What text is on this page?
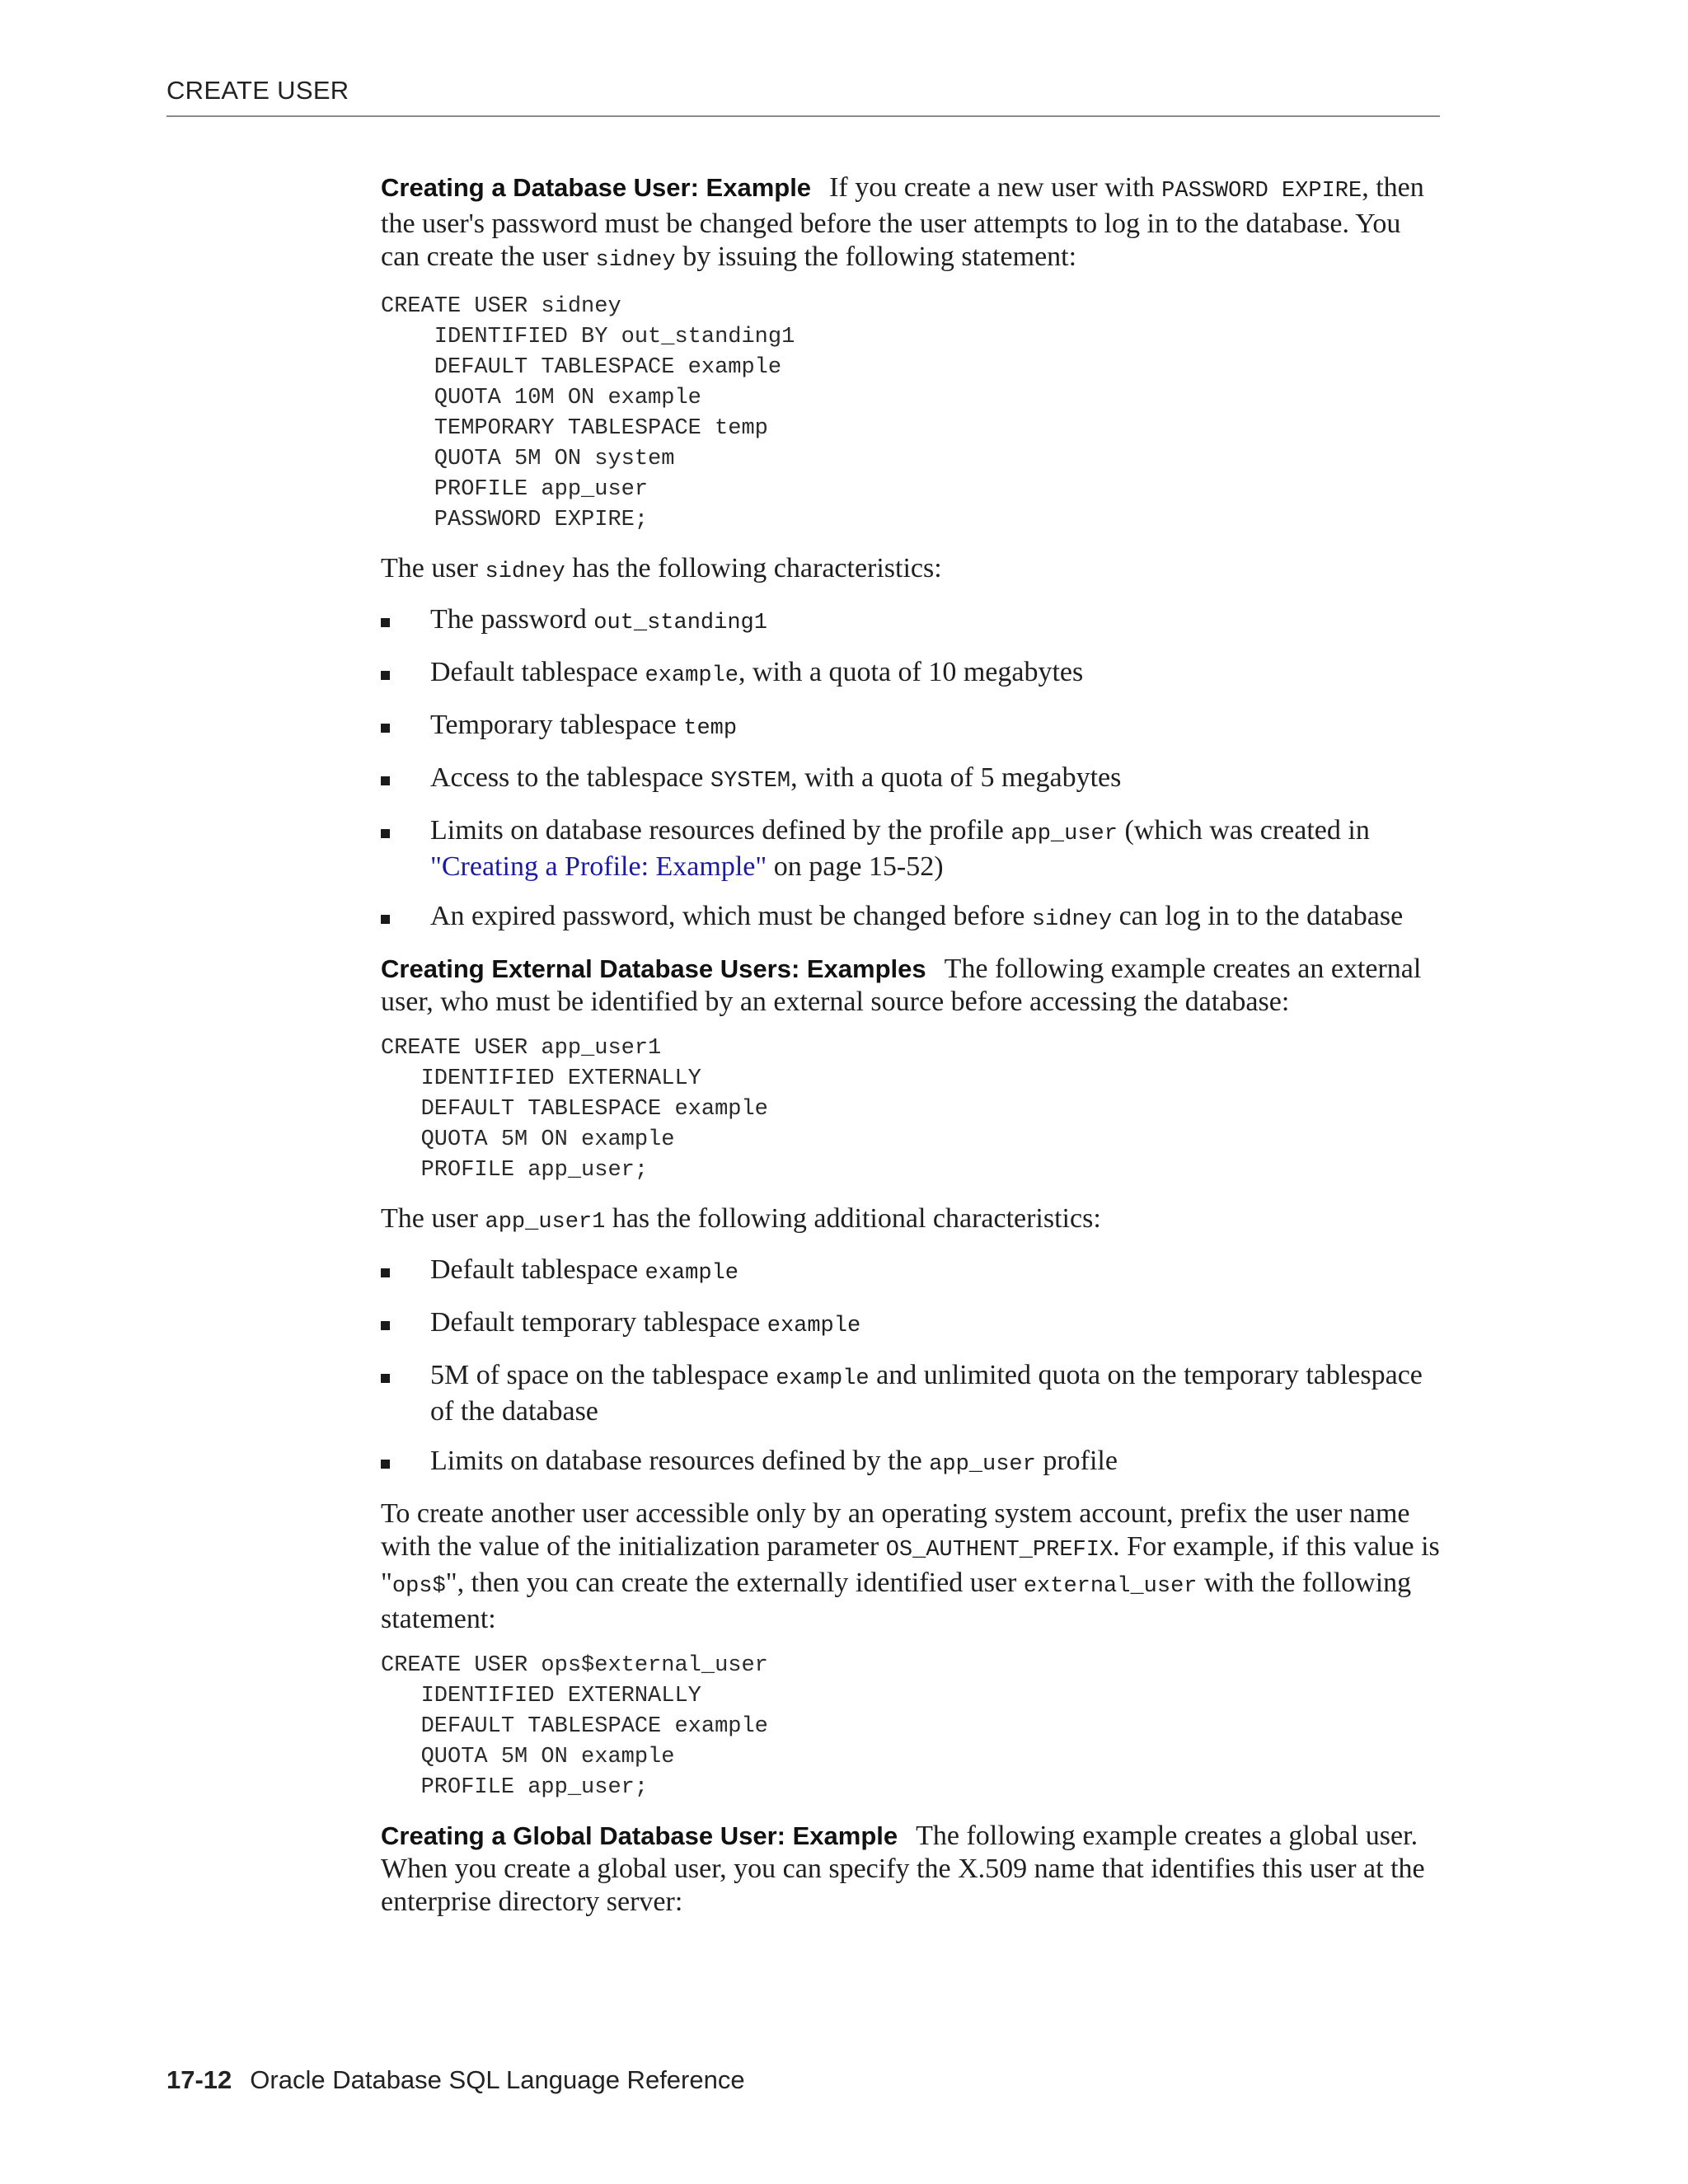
CREATE USER

Creating a Database User: Example If you create a new user with PASSWORD EXPIRE, then the user's password must be changed before the user attempts to log in to the database. You can create the user sidney by issuing the following statement:

CREATE USER sidney
IDENTIFIED BY out_standing1
DEFAULT TABLESPACE example
QUOTA 10M ON example
TEMPORARY TABLESPACE temp
QUOTA 5M ON system
PROFILE app_user
PASSWORD EXPIRE;

The user sidney has the following characteristics:

The password out_standing1
Default tablespace example, with a quota of 10 megabytes
Temporary tablespace temp
Access to the tablespace SYSTEM, with a quota of 5 megabytes
Limits on database resources defined by the profile app_user (which was created in "Creating a Profile: Example" on page 15-52)
An expired password, which must be changed before sidney can log in to the database

Creating External Database Users: Examples The following example creates an external user, who must be identified by an external source before accessing the database:

CREATE USER app_user1
IDENTIFIED EXTERNALLY
DEFAULT TABLESPACE example
QUOTA 5M ON example
PROFILE app_user;

The user app_user1 has the following additional characteristics:

Default tablespace example
Default temporary tablespace example
5M of space on the tablespace example and unlimited quota on the temporary tablespace of the database
Limits on database resources defined by the app_user profile

To create another user accessible only by an operating system account, prefix the user name with the value of the initialization parameter OS_AUTHENT_PREFIX. For example, if this value is "ops$", then you can create the externally identified user external_user with the following statement:

CREATE USER ops$external_user
IDENTIFIED EXTERNALLY
DEFAULT TABLESPACE example
QUOTA 5M ON example
PROFILE app_user;

Creating a Global Database User: Example The following example creates a global user. When you create a global user, you can specify the X.509 name that identifies this user at the enterprise directory server:

17-12 Oracle Database SQL Language Reference
